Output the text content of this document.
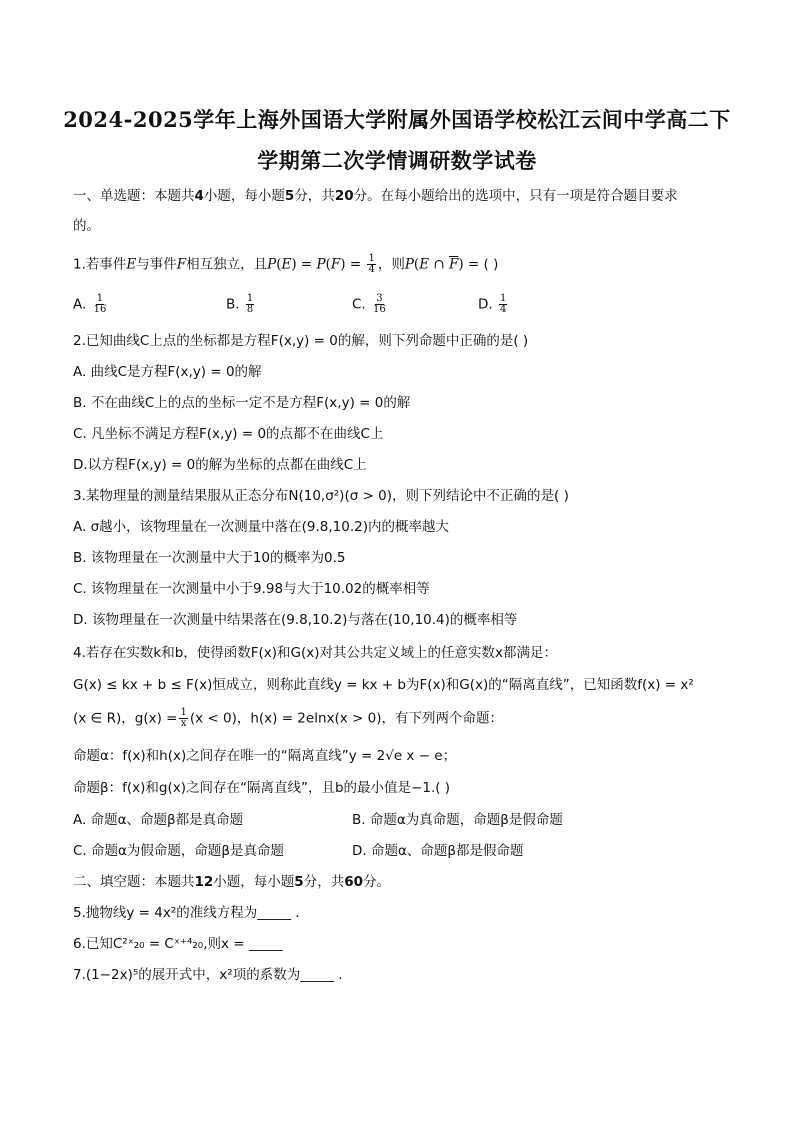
2024-2025学年上海外国语大学附属外国语学校松江云间中学高二下
学期第二次学情调研数学试卷
一、单选题：本题共4小题，每小题5分，共20分。在每小题给出的选项中，只有一项是符合题目要求
的。
1.若事件E与事件F相互独立，且$P(E) = P(F) = \frac{1}{4}$ ，则P(E ∩ $\overline{F}$) = ( )
A. $\frac{1}{16}$	B. $\frac{1}{8}$	C. $\frac{3}{16}$	D. $\frac{1}{4}$
2.已知曲线C上点的坐标都是方程F(x,y) = 0的解，则下列命题中正确的是( )
A. 曲线C是方程F(x,y) = 0的解
B. 不在曲线C上的点的坐标一定不是方程F(x,y) = 0的解
C. 凡坐标不满足方程F(x,y) = 0的点都不在曲线C上
D.以方程F(x,y) = 0的解为坐标的点都在曲线C上
3.某物理量的测量结果服从正态分布N(10,σ²)(σ > 0)，则下列结论中不正确的是( )
A. σ越小，该物理量在一次测量中落在(9.8,10.2)内的概率越大
B. 该物理量在一次测量中大于10的概率为0.5
C. 该物理量在一次测量中小于9.98与大于10.02的概率相等
D. 该物理量在一次测量中结果落在(9.8,10.2)与落在(10,10.4)的概率相等
4.若存在实数k和b，使得函数F(x)和G(x)对其公共定义域上的任意实数x都满足：
G(x) ≤ kx + b ≤ F(x)恒成立，则称此直线y = kx + b为F(x)和G(x)的“隔离直线”，已知函数f(x) = x²
(x ∈ R)，$g(x) = \frac{1}{x} (x < 0)$，h(x) = 2elnx(x > 0)，有下列两个命题：
命题α：f(x)和h(x)之间存在唯一的“隔离直线”y = 2√e x − e；
命题β：f(x)和g(x)之间存在“隔离直线”，且b的最小值是−1.( )
A. 命题α、命题β都是真命题	B. 命题α为真命题，命题β是假命题
C. 命题α为假命题，命题β是真命题	D. 命题α、命题β都是假命题
二、填空题：本题共12小题，每小题5分，共60分。
5.抛物线y = 4x²的准线方程为_____ .
6.已知C²ˣ₂₀ = Cˣ⁺⁴₂₀,则x = _____
7.(1−2x)⁵的展开式中，x²项的系数为_____ .
